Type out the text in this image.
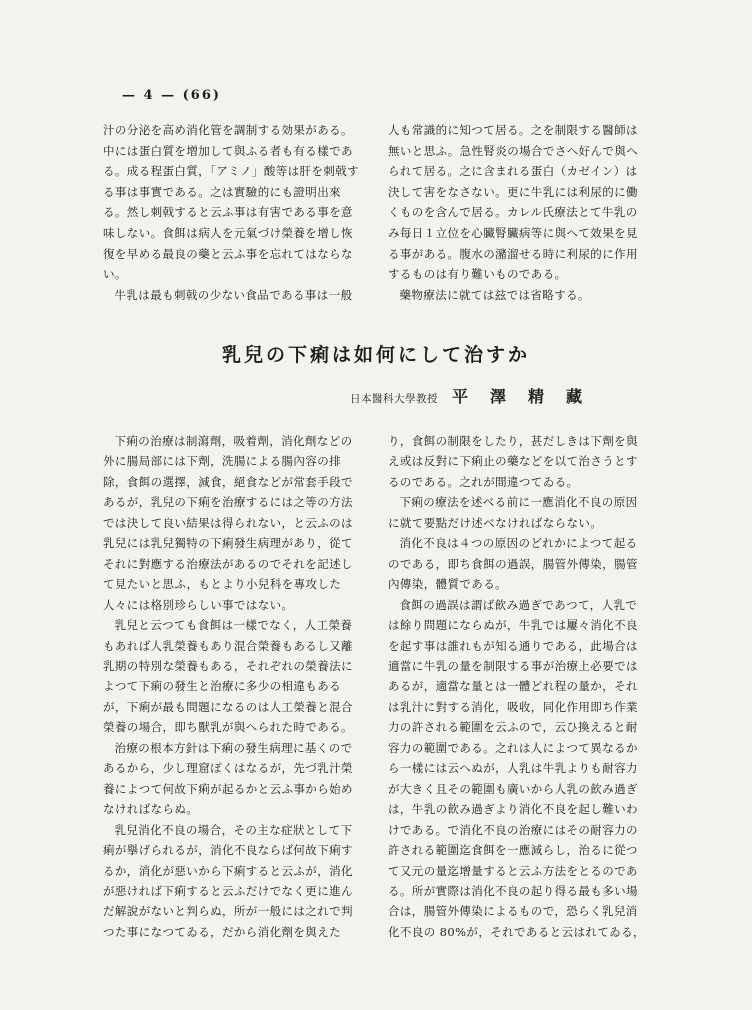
— 4 — (66)

汁の分泌を高め消化管を調制する効果がある。中には蛋白質を増加して與ふる者も有る樣である。成る程蛋白質，「アミノ」酸等は肝を刺戟する事は事實である。之は實驗的にも證明出來る。然し刺戟すると云ふ事は有害である事を意味しない。食餌は病人を元氣づけ榮養を增し恢復を早める最良の藥と云ふ事を忘れてはならない。

牛乳は最も刺戟の少ない食品である事は一般

人も常識的に知つて居る。之を制限する醫師は無いと思ふ。急性腎炎の場合でさへ好んで與へられて居る。之に含まれる蛋白（カゼイン）は決して害をなさない。更に牛乳には利尿的に働くものを含んで居る。カレル氏療法とて牛乳のみ每日１立位を心臟腎臟病等に與へて效果を見る事がある。腹水の瀦溜せる時に利尿的に作用するものは有り難いものである。

藥物療法に就ては玆では省略する。

乳兒の下痢は如何にして治すか
日本醫科大學教授 平澤精藏

下痢の治療は制瀉劑，吸着劑，消化劑などの外に腸局部には下劑，洗腸による腸內容の排除，食餌の選擇，減食，絕食などが常套手段であるが，乳兒の下痢を治療するには之等の方法では決して良い結果は得られない，と云ふのは乳兒には乳兒獨特の下痢發生病理があり，從てそれに對應する治療法があるのでそれを記述して見たいと思ふ，もとより小兒科を專攻した人々には格別珍らしい事ではない。

乳兒と云つても食餌は一樣でなく，人工榮養もあれば人乳榮養もあり混合榮養もあるし又離乳期の特別な榮養もある，それぞれの榮養法によつて下痢の發生と治療に多少の相違もあるが，下痢が最も問題になるのは人工榮養と混合榮養の場合，即ち獸乳が與へられた時である。

治療の根本方針は下痢の發生病理に基くのであるから，少し理窟ぽくはなるが，先づ乳汁榮養によつて何故下痢が起るかと云ふ事から始めなければならぬ。

乳兒消化不良の場合，その主な症狀として下痢が擧げられるが，消化不良ならば何故下痢するか，消化が惡いから下痢すると云ふが，消化が惡ければ下痢すると云ふだけでなく更に進んだ解說がないと判らぬ，所が一般には之れで判つた事になつてゐる，だから消化劑を與えた

り，食餌の制限をしたり，甚だしきは下劑を與え或は反對に下痢止の藥などを以て治さうとするのである。之れが間違つてゐる。

下痢の療法を述べる前に一應消化不良の原因に就て要點だけ述べなければならない。

消化不良は４つの原因のどれかによつて起るのである，即ち食餌の過誤，腸管外傳染，腸管內傳染，體質である。

食餌の過誤は謂ば飮み過ぎであつて，人乳では餘り問題にならぬが，牛乳では屢々消化不良を起す事は誰れもが知る通りである，此場合は適當に牛乳の量を制限する事が治療上必要ではあるが，適當な量とは一體どれ程の量か，それは乳汁に對する消化，吸收，同化作用即ち作業力の許される範圍を云ふので，云ひ換えると耐容力の範圍である。之れは人によつて異なるから一樣には云へぬが，人乳は牛乳よりも耐容力が大きく且その範圍も廣いから人乳の飮み過ぎは，牛乳の飮み過ぎより消化不良を起し難いわけである。で消化不良の治療にはその耐容力の許される範圍迄食餌を一應減らし，治るに從つて又元の量迄增量すると云ふ方法をとるのである。所が實際は消化不良の起り得る最も多い場合は，腸管外傳染によるもので，恐らく乳兒消化不良の 80%が，それであると云はれてゐる，
